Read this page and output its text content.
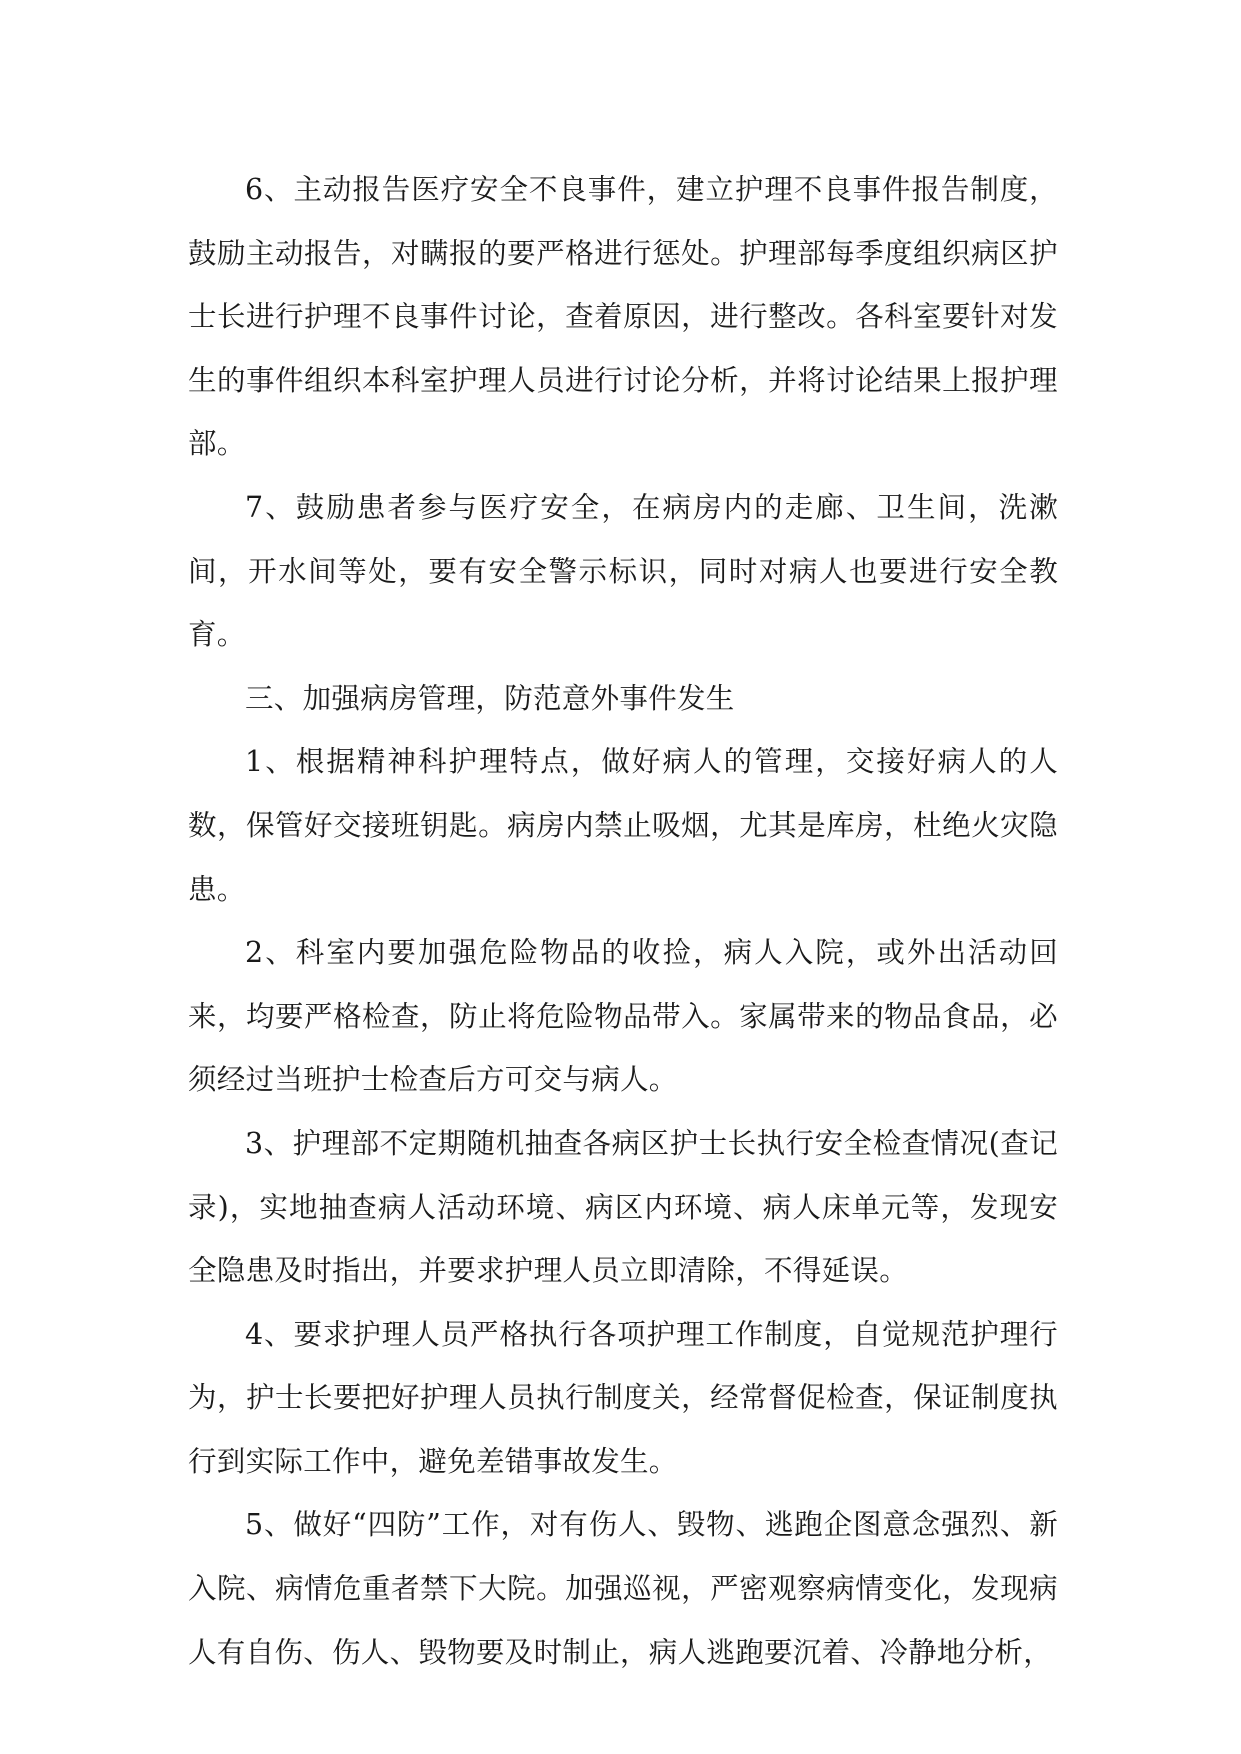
6、主动报告医疗安全不良事件，建立护理不良事件报告制度，鼓励主动报告，对瞒报的要严格进行惩处。护理部每季度组织病区护士长进行护理不良事件讨论，查着原因，进行整改。各科室要针对发生的事件组织本科室护理人员进行讨论分析，并将讨论结果上报护理部。

7、鼓励患者参与医疗安全，在病房内的走廊、卫生间，洗漱间，开水间等处，要有安全警示标识，同时对病人也要进行安全教育。

三、加强病房管理，防范意外事件发生

1、根据精神科护理特点，做好病人的管理，交接好病人的人数，保管好交接班钥匙。病房内禁止吸烟，尤其是库房，杜绝火灾隐患。

2、科室内要加强危险物品的收捡，病人入院，或外出活动回来，均要严格检查，防止将危险物品带入。家属带来的物品食品，必须经过当班护士检查后方可交与病人。

3、护理部不定期随机抽查各病区护士长执行安全检查情况(查记录)，实地抽查病人活动环境、病区内环境、病人床单元等，发现安全隐患及时指出，并要求护理人员立即清除，不得延误。

4、要求护理人员严格执行各项护理工作制度，自觉规范护理行为，护士长要把好护理人员执行制度关，经常督促检查，保证制度执行到实际工作中，避免差错事故发生。

5、做好“四防”工作，对有伤人、毁物、逃跑企图意念强烈、新入院、病情危重者禁下大院。加强巡视，严密观察病情变化，发现病人有自伤、伤人、毁物要及时制止，病人逃跑要沉着、冷静地分析，
